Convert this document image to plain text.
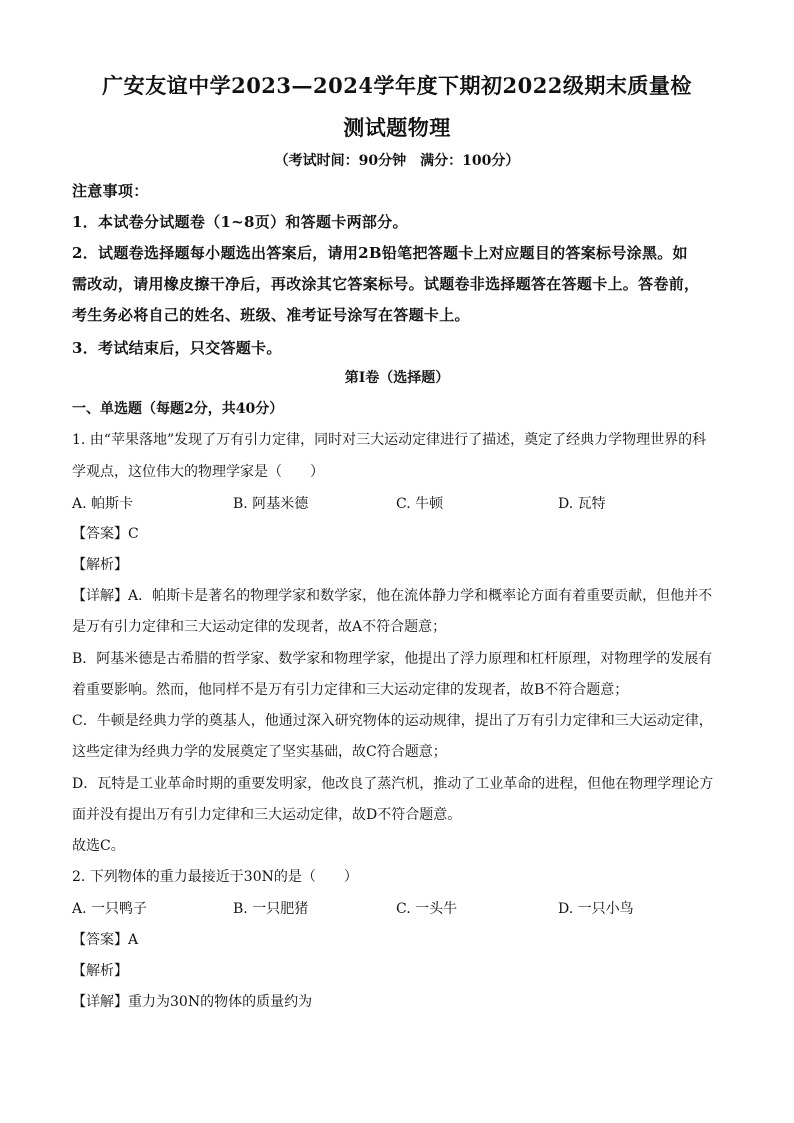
广安友谊中学2023—2024学年度下期初2022级期末质量检
测试题物理
（考试时间：90分钟　满分：100分）
注意事项：
1．本试卷分试题卷（1~8页）和答题卡两部分。
2．试题卷选择题每小题选出答案后，请用2B铅笔把答题卡上对应题目的答案标号涂黑。如
需改动，请用橡皮擦干净后，再改涂其它答案标号。试题卷非选择题答在答题卡上。答卷前，
考生务必将自己的姓名、班级、准考证号涂写在答题卡上。
3．考试结束后，只交答题卡。
第I卷（选择题）
一、单选题（每题2分，共40分）
1. 由“苹果落地”发现了万有引力定律，同时对三大运动定律进行了描述，奠定了经典力学物理世界的科
学观点，这位伟大的物理学家是（　　）
A. 帕斯卡	B. 阿基米德	C. 牛顿	D. 瓦特
【答案】C
【解析】
【详解】A．帕斯卡是著名的物理学家和数学家，他在流体静力学和概率论方面有着重要贡献，但他并不
是万有引力定律和三大运动定律的发现者，故A不符合题意；
B．阿基米德是古希腊的哲学家、数学家和物理学家，他提出了浮力原理和杠杆原理，对物理学的发展有
着重要影响。然而，他同样不是万有引力定律和三大运动定律的发现者，故B不符合题意；
C．牛顿是经典力学的奠基人，他通过深入研究物体的运动规律，提出了万有引力定律和三大运动定律，
这些定律为经典力学的发展奠定了坚实基础，故C符合题意；
D．瓦特是工业革命时期的重要发明家，他改良了蒸汽机，推动了工业革命的进程，但他在物理学理论方
面并没有提出万有引力定律和三大运动定律，故D不符合题意。
故选C。
2. 下列物体的重力最接近于30N的是（　　）
A. 一只鸭子	B. 一只肥猪	C. 一头牛	D. 一只小鸟
【答案】A
【解析】
【详解】重力为30N的物体的质量约为
